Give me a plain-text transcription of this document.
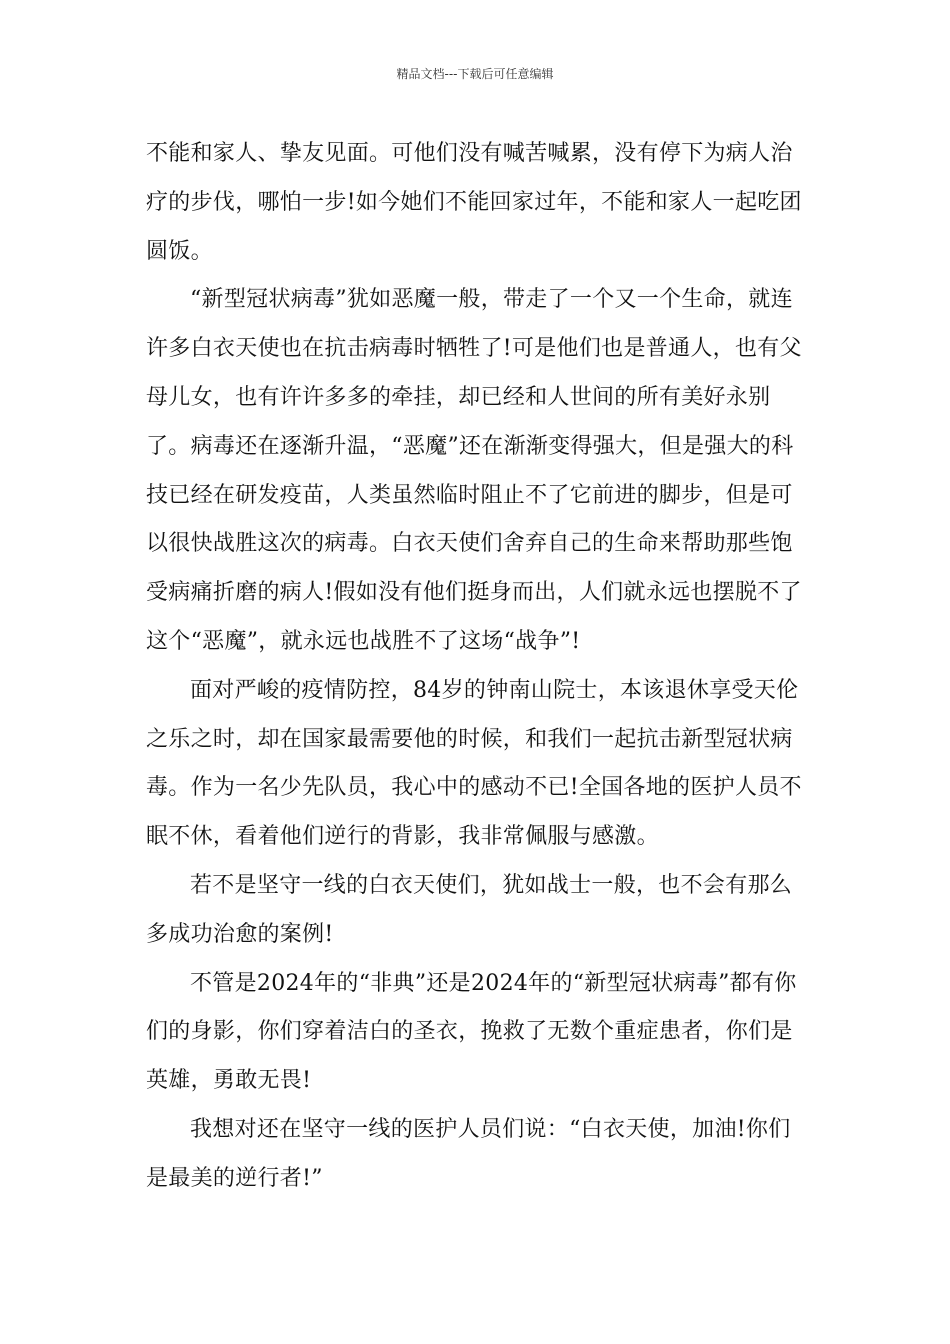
精品文档---下载后可任意编辑

不能和家人、挚友见面。可他们没有喊苦喊累，没有停下为病人治疗的步伐，哪怕一步!如今她们不能回家过年，不能和家人一起吃团圆饭。

“新型冠状病毒”犹如恶魔一般，带走了一个又一个生命，就连许多白衣天使也在抗击病毒时牺牲了!可是他们也是普通人，也有父母儿女，也有许许多多的牵挂，却已经和人世间的所有美好永别了。病毒还在逐渐升温，“恶魔”还在渐渐变得强大，但是强大的科技已经在研发疫苗，人类虽然临时阻止不了它前进的脚步，但是可以很快战胜这次的病毒。白衣天使们舍弃自己的生命来帮助那些饱受病痛折磨的病人!假如没有他们挺身而出，人们就永远也摆脱不了这个“恶魔”，就永远也战胜不了这场“战争”!

面对严峻的疫情防控，84岁的钟南山院士，本该退休享受天伦之乐之时，却在国家最需要他的时候，和我们一起抗击新型冠状病毒。作为一名少先队员，我心中的感动不已!全国各地的医护人员不眠不休，看着他们逆行的背影，我非常佩服与感激。

若不是坚守一线的白衣天使们，犹如战士一般，也不会有那么多成功治愈的案例!

不管是2024年的“非典”还是2024年的“新型冠状病毒”都有你们的身影，你们穿着洁白的圣衣，挽救了无数个重症患者，你们是英雄，勇敢无畏!

我想对还在坚守一线的医护人员们说：“白衣天使，加油!你们是最美的逆行者!”
